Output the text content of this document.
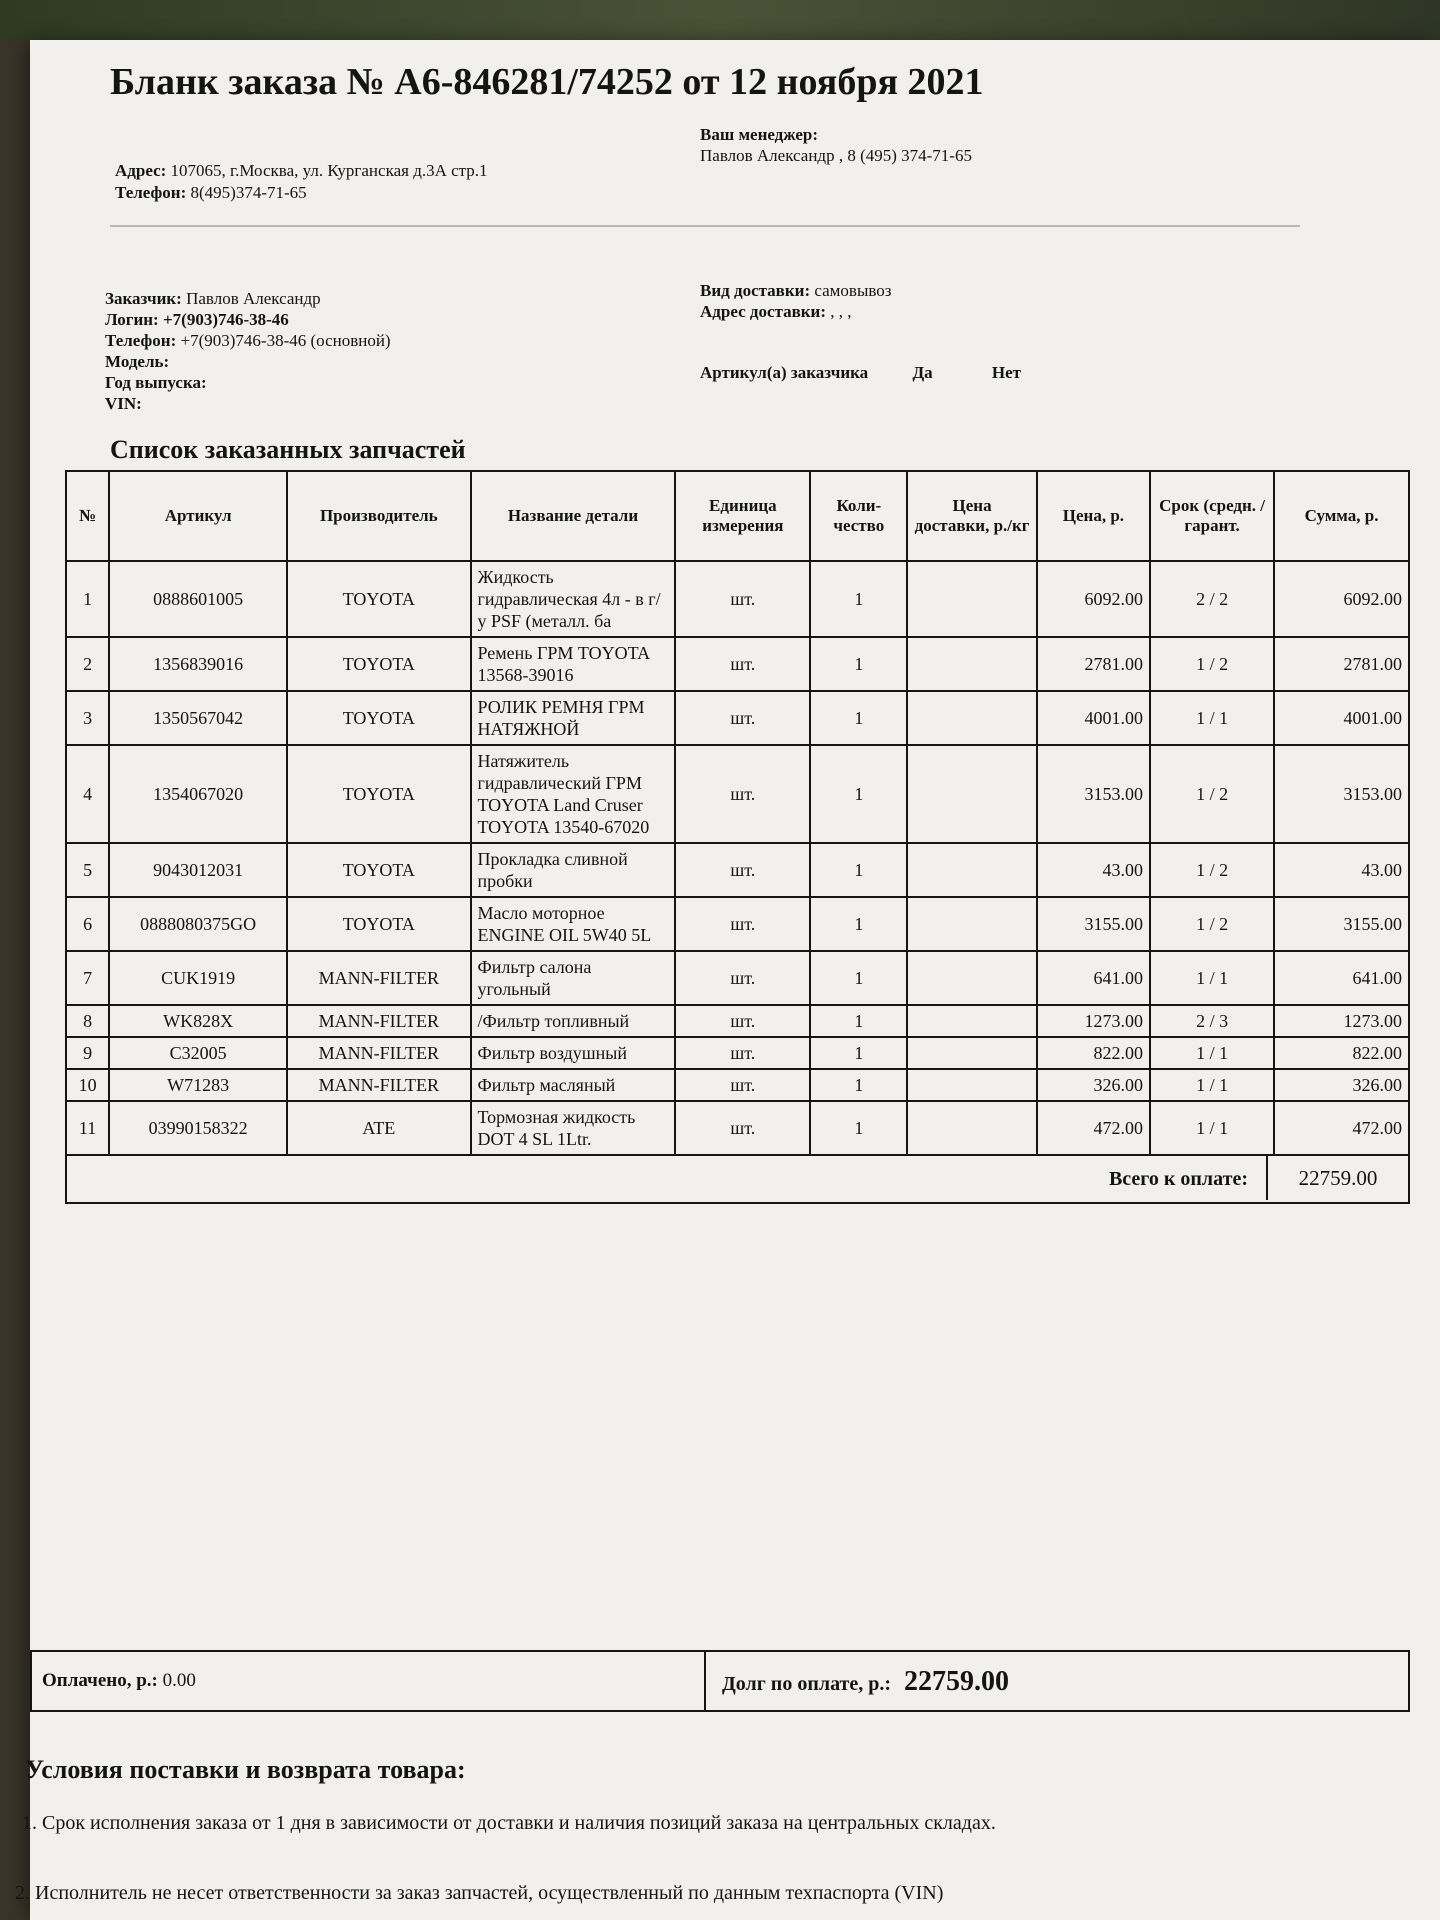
Бланк заказа № А6-846281/74252 от 12 ноября 2021
Адрес: 107065, г.Москва, ул. Курганская д.3А стр.1
Телефон: 8(495)374-71-65
Ваш менеджер:
Павлов Александр , 8 (495) 374-71-65
Заказчик: Павлов Александр
Логин: +7(903)746-38-46
Телефон: +7(903)746-38-46 (основной)
Модель:
Год выпуска:
VIN:
Вид доставки: самовывоз
Адрес доставки: , , ,
Артикул(а) заказчика	Да	Нет
Список заказанных запчастей
№	Артикул	Производитель	Название детали	Единица измерения	Коли-чество	Цена доставки, р./кг	Цена, р.	Срок (средн. / гарант.	Сумма, р.
1	0888601005	TOYOTA	Жидкость гидравлическая 4л - в г/у PSF (металл. ба	шт.	1		6092.00	2 / 2	6092.00
2	1356839016	TOYOTA	Ремень ГРМ TOYOTA 13568-39016	шт.	1		2781.00	1 / 2	2781.00
3	1350567042	TOYOTA	РОЛИК РЕМНЯ ГРМ НАТЯЖНОЙ	шт.	1		4001.00	1 / 1	4001.00
4	1354067020	TOYOTA	Натяжитель гидравлический ГРМ TOYOTA Land Cruser TOYOTA 13540-67020	шт.	1		3153.00	1 / 2	3153.00
5	9043012031	TOYOTA	Прокладка сливной пробки	шт.	1		43.00	1 / 2	43.00
6	0888080375GO	TOYOTA	Масло моторное ENGINE OIL 5W40 5L	шт.	1		3155.00	1 / 2	3155.00
7	CUK1919	MANN-FILTER	Фильтр салона угольный	шт.	1		641.00	1 / 1	641.00
8	WK828X	MANN-FILTER	/Фильтр топливный	шт.	1		1273.00	2 / 3	1273.00
9	C32005	MANN-FILTER	Фильтр воздушный	шт.	1		822.00	1 / 1	822.00
10	W71283	MANN-FILTER	Фильтр масляный	шт.	1		326.00	1 / 1	326.00
11	03990158322	ATE	Тормозная жидкость DOT 4 SL 1Ltr.	шт.	1		472.00	1 / 1	472.00
Всего к оплате:	22759.00
Оплачено, р.: 0.00	Долг по оплате, р.: 22759.00
Условия поставки и возврата товара:
1. Срок исполнения заказа от 1 дня в зависимости от доставки и наличия позиций заказа на центральных складах.
2. Исполнитель не несет ответственности за заказ запчастей, осуществленный по данным техпаспорта (VIN)
